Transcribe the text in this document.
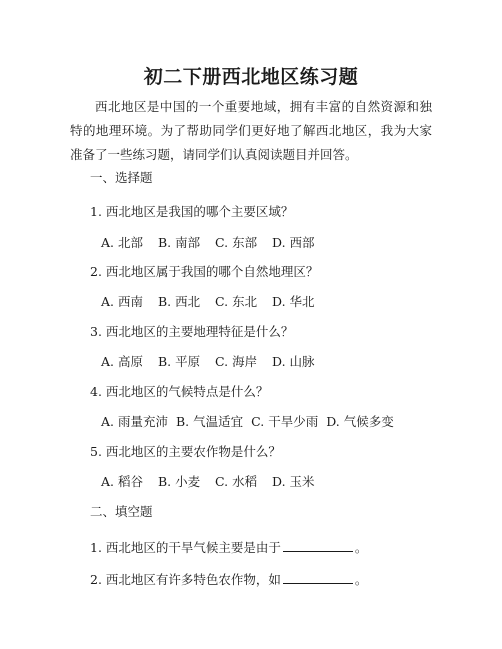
初二下册西北地区练习题
西北地区是中国的一个重要地域，拥有丰富的自然资源和独特的地理环境。为了帮助同学们更好地了解西北地区，我为大家准备了一些练习题，请同学们认真阅读题目并回答。
一、选择题
1. 西北地区是我国的哪个主要区域？
A. 北部 B. 南部 C. 东部 D. 西部
2. 西北地区属于我国的哪个自然地理区？
A. 西南 B. 西北 C. 东北 D. 华北
3. 西北地区的主要地理特征是什么？
A. 高原 B. 平原 C. 海岸 D. 山脉
4. 西北地区的气候特点是什么？
A. 雨量充沛 B. 气温适宜 C. 干旱少雨 D. 气候多变
5. 西北地区的主要农作物是什么？
A. 稻谷 B. 小麦 C. 水稻 D. 玉米
二、填空题
1. 西北地区的干旱气候主要是由于	。
2. 西北地区有许多特色农作物，如	。
